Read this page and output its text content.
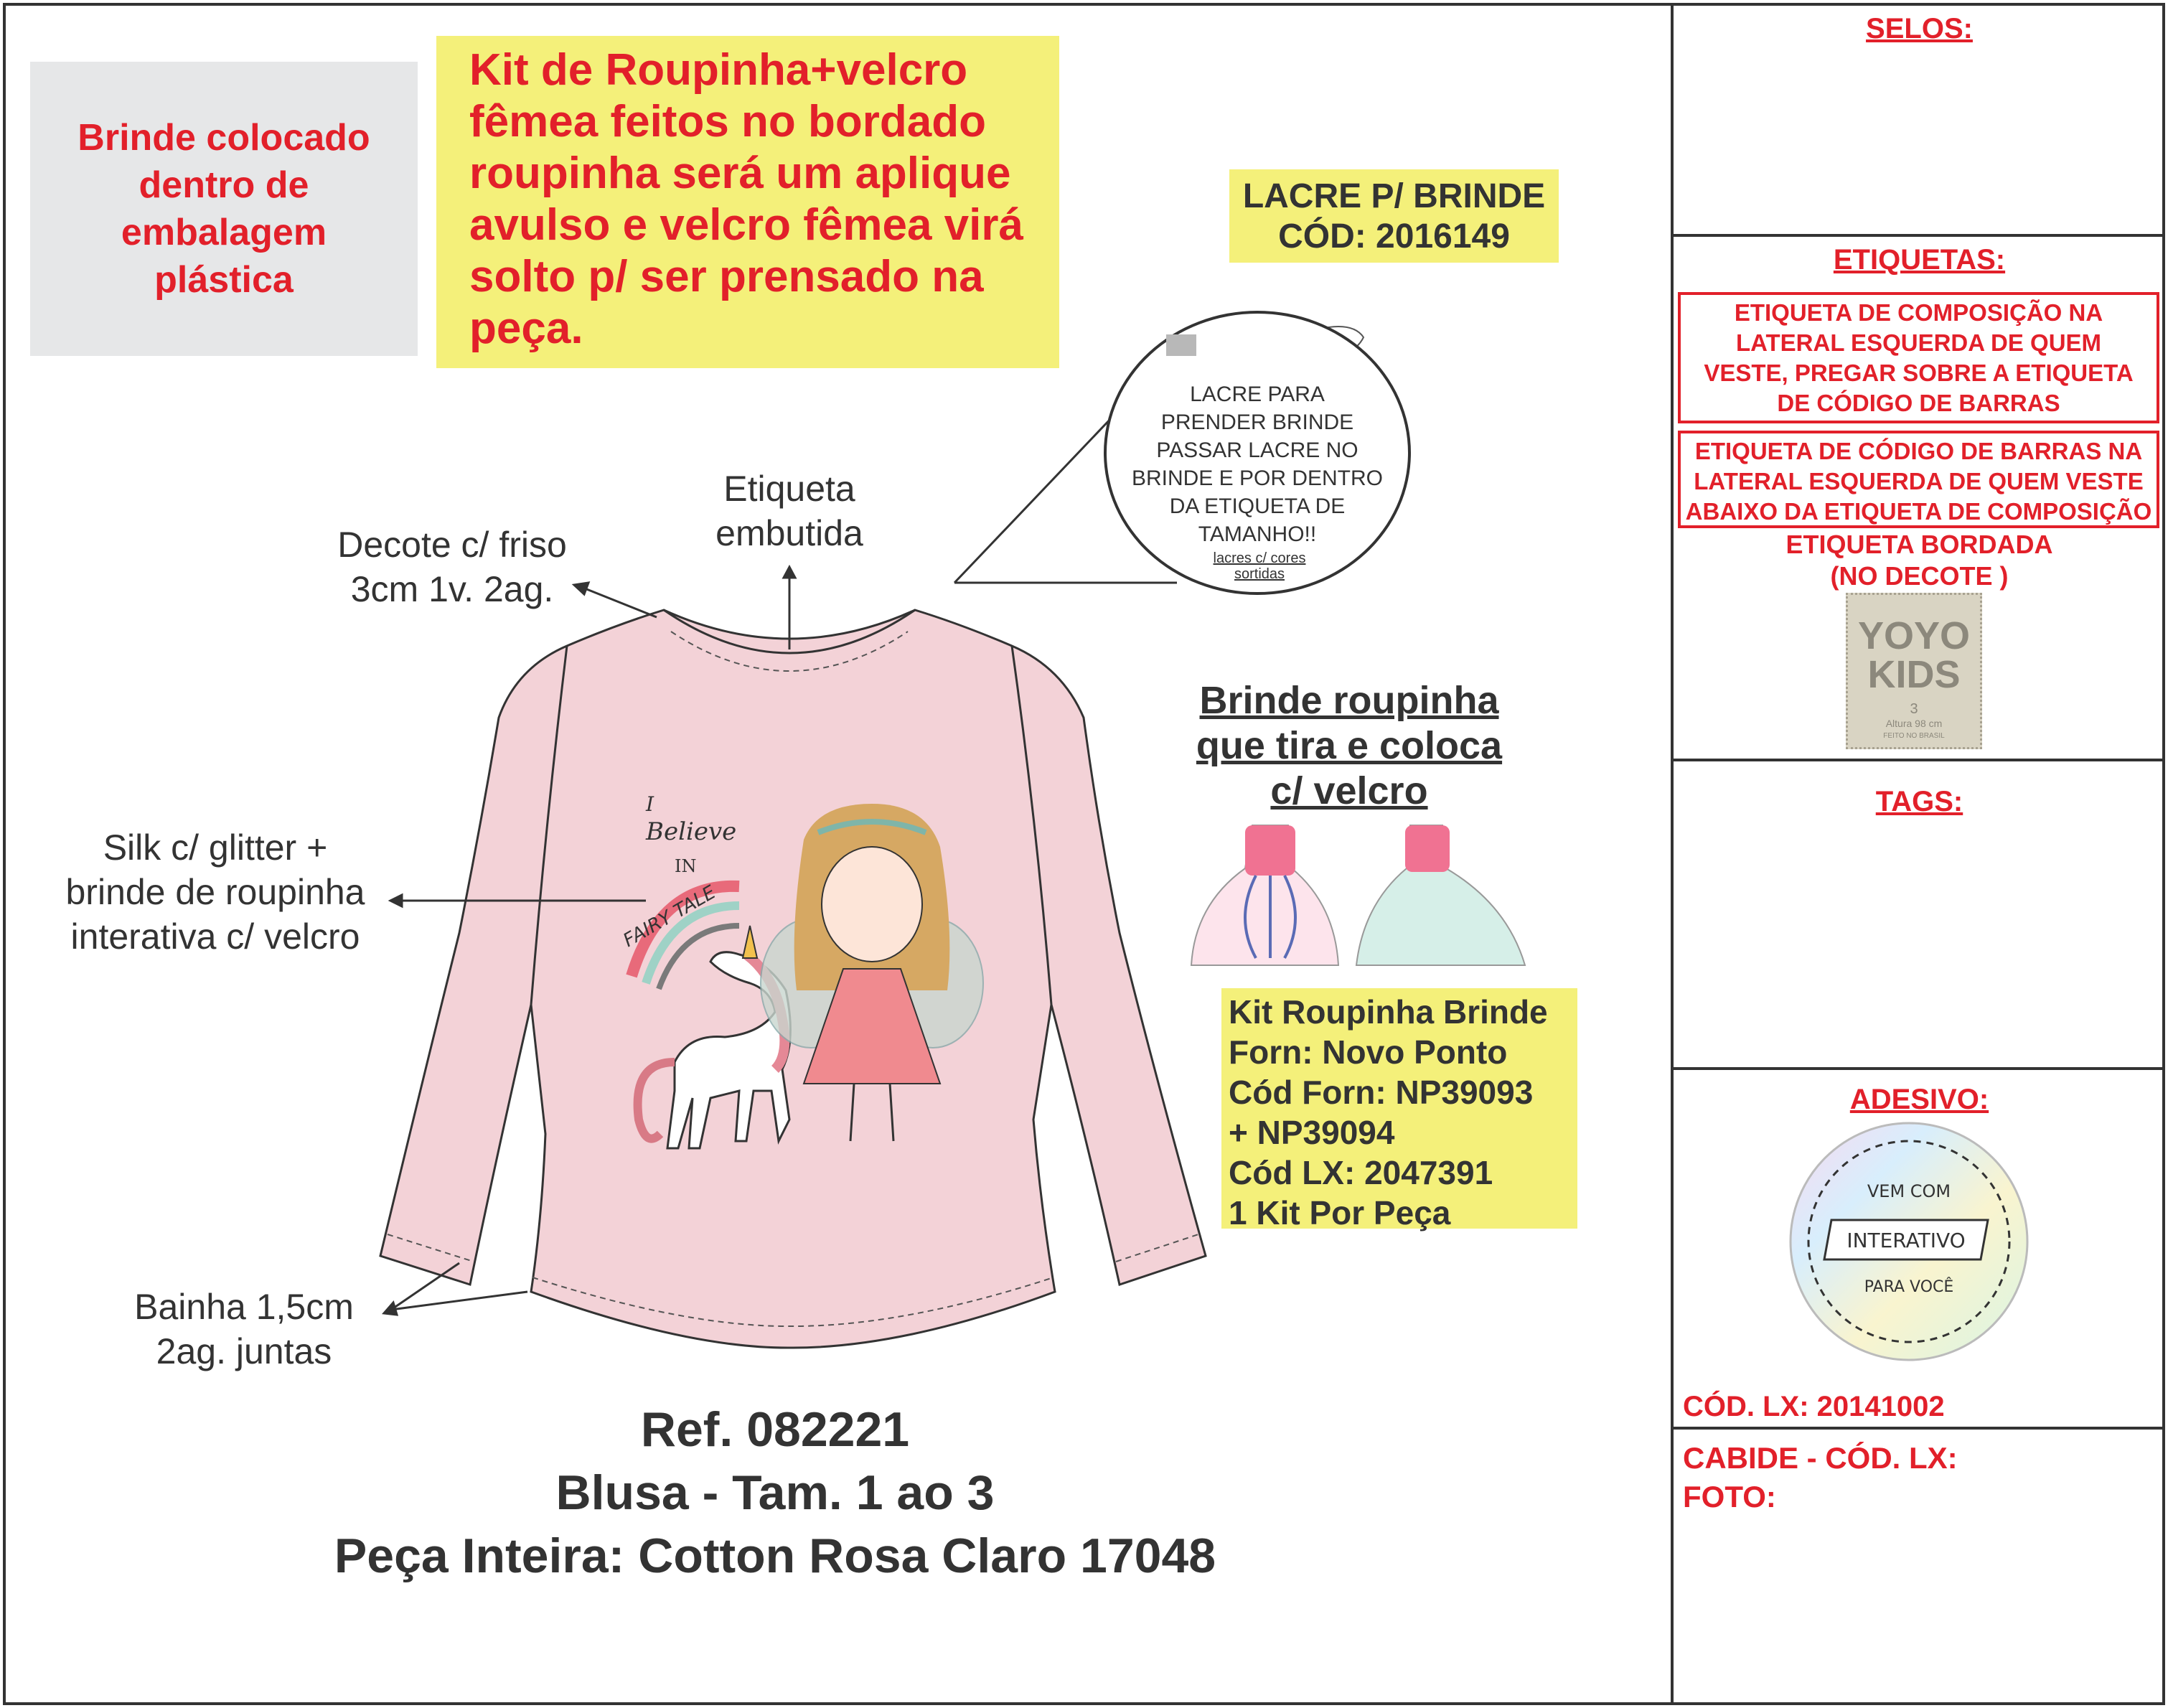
Brinde colocado
dentro de embalagem
plástica
Kit de Roupinha+velcro
fêmea feitos no bordado
roupinha será um aplique
avulso e velcro fêmea virá
solto p/ ser prensado na
peça.
LACRE P/ BRINDE
CÓD: 2016149
I
Believe
IN
FAIRY TALE
VEM COM
INTERATIVO
PARA VOCÊ
LACRE PARA
PRENDER BRINDE
PASSAR LACRE NO
BRINDE E POR DENTRO
DA ETIQUETA DE
TAMANHO!!
lacres c/ cores
sortidas
Etiqueta
embutida
Decote c/ friso
3cm 1v. 2ag.
Silk c/ glitter +
brinde de roupinha
interativa c/ velcro
Bainha 1,5cm
2ag. juntas
Brinde roupinha
que tira e coloca
c/ velcro
Kit Roupinha Brinde
Forn: Novo Ponto
Cód Forn: NP39093
+ NP39094
Cód LX: 2047391
1 Kit Por Peça
Ref. 082221
Blusa - Tam. 1 ao 3
Peça Inteira: Cotton Rosa Claro 17048
SELOS:
ETIQUETAS:
ETIQUETA DE COMPOSIÇÃO NA
LATERAL ESQUERDA DE QUEM
VESTE, PREGAR SOBRE A ETIQUETA
DE CÓDIGO DE BARRAS
ETIQUETA DE CÓDIGO DE BARRAS NA
LATERAL ESQUERDA DE QUEM VESTE
ABAIXO DA ETIQUETA DE COMPOSIÇÃO
ETIQUETA BORDADA
(NO DECOTE )
YOYO
KIDS
3
Altura 98 cm
FEITO NO BRASIL
TAGS:
ADESIVO:
CÓD. LX: 20141002
CABIDE - CÓD. LX:
FOTO:
